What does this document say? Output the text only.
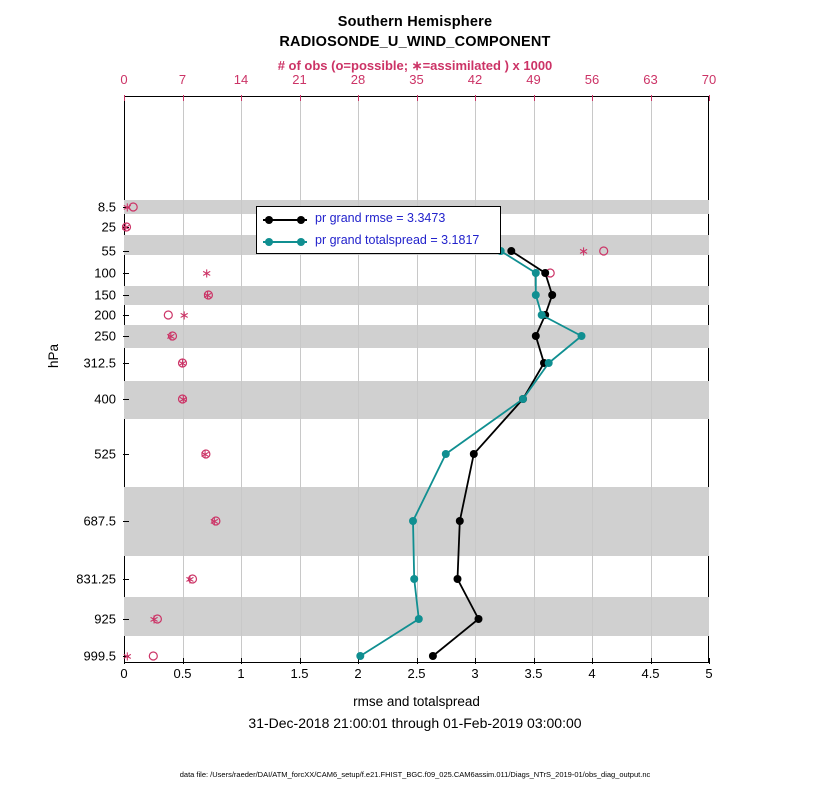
Southern Hemisphere
RADIOSONDE_U_WIND_COMPONENT
# of obs (o=possible; ∗=assimilated ) x 1000
hPa
0	0.5	1	1.5	2	2.5	3	3.5	4	4.5	5
0	7	14	21	28	35	42	49	56	63	70
8.5
25
55
100
150
200
250
312.5
400
525
687.5
831.25
925
999.5
∗
∗
∗
∗
∗
∗
∗
∗
∗
∗
∗
∗
∗
∗
pr grand rmse = 3.3473
pr grand totalspread = 3.1817
rmse and totalspread
31-Dec-2018 21:00:01 through 01-Feb-2019 03:00:00
data file: /Users/raeder/DAI/ATM_forcXX/CAM6_setup/f.e21.FHIST_BGC.f09_025.CAM6assim.011/Diags_NTrS_2019-01/obs_diag_output.nc
